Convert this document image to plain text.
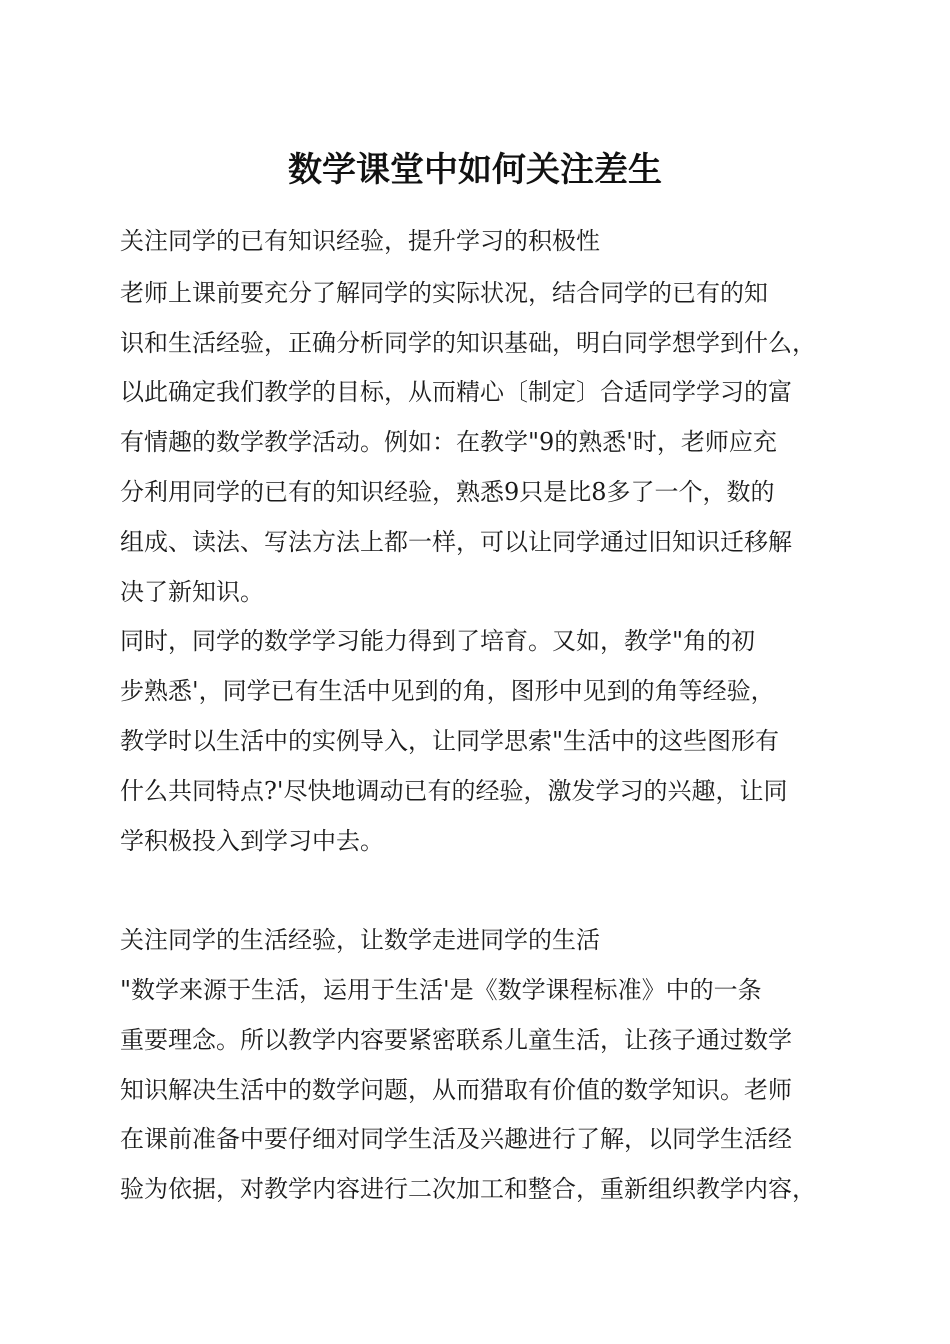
数学课堂中如何关注差生

关注同学的已有知识经验，提升学习的积极性

老师上课前要充分了解同学的实际状况，结合同学的已有的知

识和生活经验，正确分析同学的知识基础，明白同学想学到什么，

以此确定我们教学的目标，从而精心〔制定〕合适同学学习的富

有情趣的数学教学活动。例如：在教学"9的熟悉'时，老师应充

分利用同学的已有的知识经验，熟悉9只是比8多了一个，数的

组成、读法、写法方法上都一样，可以让同学通过旧知识迁移解

决了新知识。

同时，同学的数学学习能力得到了培育。又如，教学"角的初

步熟悉'，同学已有生活中见到的角，图形中见到的角等经验，

教学时以生活中的实例导入，让同学思索"生活中的这些图形有

什么共同特点?'尽快地调动已有的经验，激发学习的兴趣，让同

学积极投入到学习中去。

关注同学的生活经验，让数学走进同学的生活

"数学来源于生活，运用于生活'是《数学课程标准》中的一条

重要理念。所以教学内容要紧密联系儿童生活，让孩子通过数学

知识解决生活中的数学问题，从而猎取有价值的数学知识。老师

在课前准备中要仔细对同学生活及兴趣进行了解，以同学生活经

验为依据，对教学内容进行二次加工和整合，重新组织教学内容，
